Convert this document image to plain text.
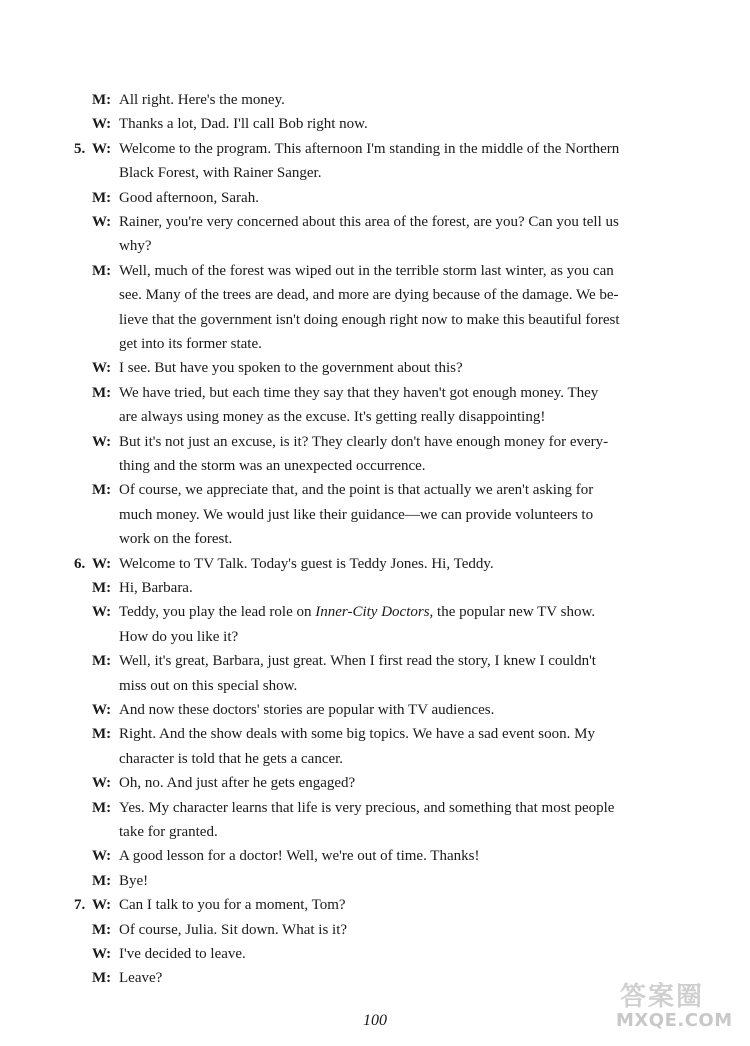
M: All right. Here's the money.
W: Thanks a lot, Dad. I'll call Bob right now.
5. W: Welcome to the program. This afternoon I'm standing in the middle of the Northern
Black Forest, with Rainer Sanger.
M: Good afternoon, Sarah.
W: Rainer, you're very concerned about this area of the forest, are you? Can you tell us
why?
M: Well, much of the forest was wiped out in the terrible storm last winter, as you can
see. Many of the trees are dead, and more are dying because of the damage. We be-
lieve that the government isn't doing enough right now to make this beautiful forest
get into its former state.
W: I see. But have you spoken to the government about this?
M: We have tried, but each time they say that they haven't got enough money. They
are always using money as the excuse. It's getting really disappointing!
W: But it's not just an excuse, is it? They clearly don't have enough money for every-
thing and the storm was an unexpected occurrence.
M: Of course, we appreciate that, and the point is that actually we aren't asking for
much money. We would just like their guidance—we can provide volunteers to
work on the forest.
6. W: Welcome to TV Talk. Today's guest is Teddy Jones. Hi, Teddy.
M: Hi, Barbara.
W: Teddy, you play the lead role on Inner-City Doctors, the popular new TV show.
How do you like it?
M: Well, it's great, Barbara, just great. When I first read the story, I knew I couldn't
miss out on this special show.
W: And now these doctors' stories are popular with TV audiences.
M: Right. And the show deals with some big topics. We have a sad event soon. My
character is told that he gets a cancer.
W: Oh, no. And just after he gets engaged?
M: Yes. My character learns that life is very precious, and something that most people
take for granted.
W: A good lesson for a doctor! Well, we're out of time. Thanks!
M: Bye!
7. W: Can I talk to you for a moment, Tom?
M: Of course, Julia. Sit down. What is it?
W: I've decided to leave.
M: Leave?
100
答案圈
MXQE.COM
